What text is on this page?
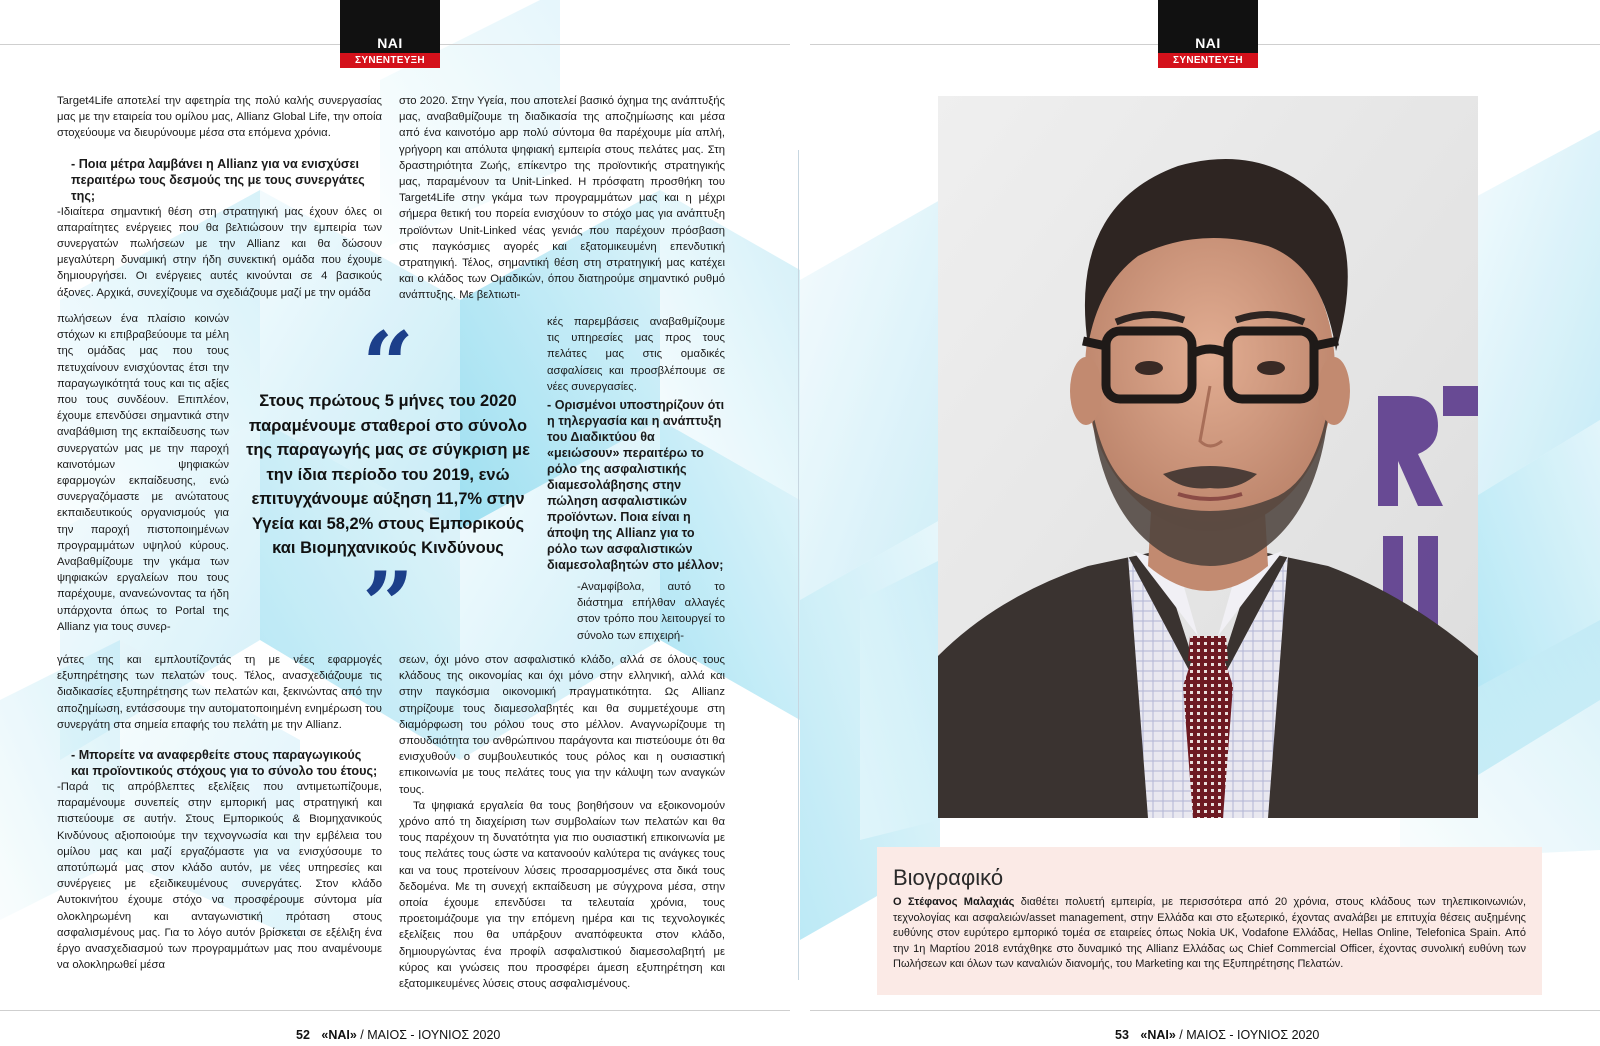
ΝΑΙ
ΣΥΝΕΝΤΕΥΞΗ
ΝΑΙ
ΣΥΝΕΝΤΕΥΞΗ

Target4Life αποτελεί την αφετηρία της πολύ καλής συνεργασίας μας με την εταιρεία του ομίλου μας, Allianz Global Life, την οποία στοχεύουμε να διευρύνουμε μέσα στα επόμενα χρόνια.

- Ποια μέτρα λαμβάνει η Allianz για να ενισχύσει περαιτέρω τους δεσμούς της με τους συνεργάτες της;

-Ιδιαίτερα σημαντική θέση στη στρατηγική μας έχουν όλες οι απαραίτητες ενέργειες που θα βελτιώσουν την εμπειρία των συνεργατών πωλήσεων με την Allianz και θα δώσουν μεγαλύτερη δυναμική στην ήδη συνεκτική ομάδα που έχουμε δημιουργήσει. Οι ενέργειες αυτές κινούνται σε 4 βασικούς άξονες. Αρχικά, συνεχίζουμε να σχεδιάζουμε μαζί με την ομάδα

πωλήσεων ένα πλαίσιο κοινών στόχων κι επιβραβεύουμε τα μέλη της ομάδας μας που τους πετυχαίνουν ενισχύοντας έτσι την παραγωγικότητά τους και τις αξίες που τους συνδέουν. Επιπλέον, έχουμε επενδύσει σημαντικά στην αναβάθμιση της εκπαίδευσης των συνεργατών μας με την παροχή καινοτόμων ψηφιακών εφαρμογών εκπαίδευσης, ενώ συνεργαζόμαστε με ανώτατους εκπαιδευτικούς οργανισμούς για την παροχή πιστοποιημένων προγραμμάτων υψηλού κύρους. Αναβαθμίζουμε την γκάμα των ψηφιακών εργαλείων που τους παρέχουμε, ανανεώνοντας τα ήδη υπάρχοντα όπως το Portal της Allianz για τους συνερ-

γάτες της και εμπλουτίζοντάς τη με νέες εφαρμογές εξυπηρέτησης των πελατών τους. Τέλος, ανασχεδιάζουμε τις διαδικασίες εξυπηρέτησης των πελατών και, ξεκινώντας από την αποζημίωση, εντάσσουμε την αυτοματοποιημένη ενημέρωση του συνεργάτη στα σημεία επαφής του πελάτη με την Allianz.

- Μπορείτε να αναφερθείτε στους παραγωγικούς και προϊοντικούς στόχους για το σύνολο του έτους;

-Παρά τις απρόβλεπτες εξελίξεις που αντιμετωπίζουμε, παραμένουμε συνεπείς στην εμπορική μας στρατηγική και πιστεύουμε σε αυτήν. Στους Εμπορικούς & Βιομηχανικούς Κινδύνους αξιοποιούμε την τεχνογνωσία και την εμβέλεια του ομίλου μας και μαζί εργαζόμαστε για να ενισχύσουμε το αποτύπωμά μας στον κλάδο αυτόν, με νέες υπηρεσίες και συνέργειες με εξειδικευμένους συνεργάτες. Στον κλάδο Αυτοκινήτου έχουμε στόχο να προσφέρουμε σύντομα μία ολοκληρωμένη και ανταγωνιστική πρόταση στους ασφαλισμένους μας. Για το λόγο αυτόν βρίσκεται σε εξέλιξη ένα έργο ανασχεδιασμού των προγραμμάτων μας που αναμένουμε να ολοκληρωθεί μέσα

στο 2020. Στην Υγεία, που αποτελεί βασικό όχημα της ανάπτυξής μας, αναβαθμίζουμε τη διαδικασία της αποζημίωσης και μέσα από ένα καινοτόμο app πολύ σύντομα θα παρέχουμε μία απλή, γρήγορη και απόλυτα ψηφιακή εμπειρία στους πελάτες μας. Στη δραστηριότητα Ζωής, επίκεντρο της προϊοντικής στρατηγικής μας, παραμένουν τα Unit-Linked. Η πρόσφατη προσθήκη του Target4Life στην γκάμα των προγραμμάτων μας και η μέχρι σήμερα θετική του πορεία ενισχύουν το στόχο μας για ανάπτυξη προϊόντων Unit-Linked νέας γενιάς που παρέχουν πρόσβαση στις παγκόσμιες αγορές και εξατομικευμένη επενδυτική στρατηγική. Τέλος, σημαντική θέση στη στρατηγική μας κατέχει και ο κλάδος των Ομαδικών, όπου διατηρούμε σημαντικό ρυθμό ανάπτυξης. Με βελτιωτι-

κές παρεμβάσεις αναβαθμίζουμε τις υπηρεσίες μας προς τους πελάτες μας στις ομαδικές ασφαλίσεις και προσβλέπουμε σε νέες συνεργασίες.

- Ορισμένοι υποστηρίζουν ότι η τηλεργασία και η ανάπτυξη του Διαδικτύου θα «μειώσουν» περαιτέρω το ρόλο της ασφαλιστικής διαμεσολάβησης στην πώληση ασφαλιστικών προϊόντων. Ποια είναι η άποψη της Allianz για το ρόλο των ασφαλιστικών διαμεσολαβητών στο μέλλον;

-Αναμφίβολα, αυτό το διάστημα επήλθαν αλλαγές στον τρόπο που λειτουργεί το σύνολο των επιχειρή-

σεων, όχι μόνο στον ασφαλιστικό κλάδο, αλλά σε όλους τους κλάδους της οικονομίας και όχι μόνο στην ελληνική, αλλά και στην παγκόσμια οικονομική πραγματικότητα. Ως Allianz στηρίζουμε τους διαμεσολαβητές και θα συμμετέχουμε στη διαμόρφωση του ρόλου τους στο μέλλον. Αναγνωρίζουμε τη σπουδαιότητα του ανθρώπινου παράγοντα και πιστεύουμε ότι θα ενισχυθούν ο συμβουλευτικός τους ρόλος και η ουσιαστική επικοινωνία με τους πελάτες τους για την κάλυψη των αναγκών τους.

Τα ψηφιακά εργαλεία θα τους βοηθήσουν να εξοικονομούν χρόνο από τη διαχείριση των συμβολαίων των πελατών και θα τους παρέχουν τη δυνατότητα για πιο ουσιαστική επικοινωνία με τους πελάτες τους ώστε να κατανοούν καλύτερα τις ανάγκες τους και να τους προτείνουν λύσεις προσαρμοσμένες στα δικά τους δεδομένα. Με τη συνεχή εκπαίδευση με σύγχρονα μέσα, στην οποία έχουμε επενδύσει τα τελευταία χρόνια, τους προετοιμάζουμε για την επόμενη ημέρα και τις τεχνολογικές εξελίξεις που θα υπάρξουν αναπόφευκτα στον κλάδο, δημιουργώντας ένα προφίλ ασφαλιστικού διαμεσολαβητή με κύρος και γνώσεις που προσφέρει άμεση εξυπηρέτηση και εξατομικευμένες λύσεις στους ασφαλισμένους.

“
Στους πρώτους 5 μήνες του 2020 παραμένουμε σταθεροί στο σύνολο της παραγωγής μας σε σύγκριση με την ίδια περίοδο του 2019, ενώ επιτυγχάνουμε αύξηση 11,7% στην Υγεία και 58,2% στους Εμπορικούς και Βιομηχανικούς Κινδύνους
”
Βιογραφικό

Ο Στέφανος Μαλαχιάς διαθέτει πολυετή εμπειρία, με περισσότερα από 20 χρόνια, στους κλάδους των τηλεπικοινωνιών, τεχνολογίας και ασφαλειών/asset management, στην Ελλάδα και στο εξωτερικό, έχοντας αναλάβει με επιτυχία θέσεις αυξημένης ευθύνης στον ευρύτερο εμπορικό τομέα σε εταιρείες όπως Nokia UK, Vodafone Ελλάδας, Hellas Online, Telefonica Spain. Από την 1η Μαρτίου 2018 εντάχθηκε στο δυναμικό της Allianz Ελλάδας ως Chief Commercial Officer, έχοντας συνολική ευθύνη των Πωλήσεων και όλων των καναλιών διανομής, του Marketing και της Εξυπηρέτησης Πελατών.

52 «ΝΑΙ» / ΜΑΙΟΣ - ΙΟΥΝΙΟΣ 2020	53 «ΝΑΙ» / ΜΑΙΟΣ - ΙΟΥΝΙΟΣ 2020
